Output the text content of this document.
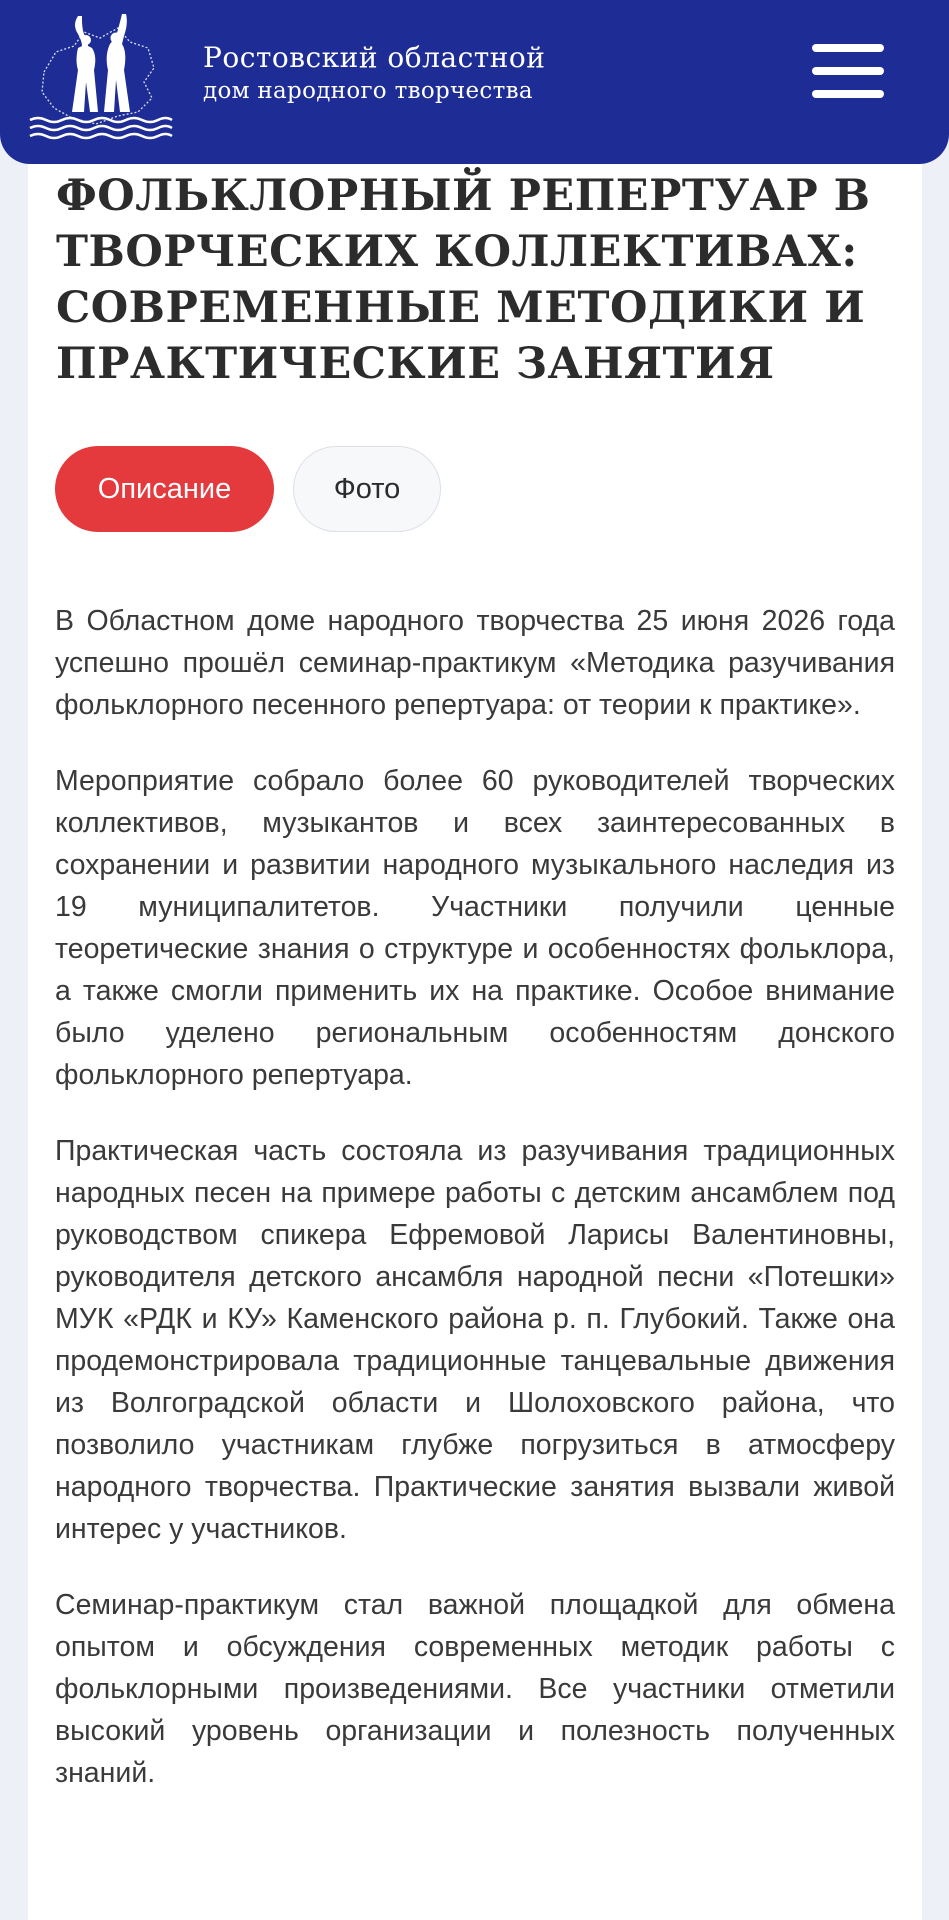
Ростовский областной
дом народного творчества
ФОЛЬКЛОРНЫЙ РЕПЕРТУАР В ТВОРЧЕСКИХ КОЛЛЕКТИВАХ: СОВРЕМЕННЫЕ МЕТОДИКИ И ПРАКТИЧЕСКИЕ ЗАНЯТИЯ
Описание	Фото

В Областном доме народного творчества 25 июня 2026 года успешно прошёл семинар-практикум «Методика разучивания фольклорного песенного репертуара: от теории к практике».

Мероприятие собрало более 60 руководителей творческих коллективов, музыкантов и всех заинтересованных в сохранении и развитии народного музыкального наследия из 19 муниципалитетов. Участники получили ценные теоретические знания о структуре и особенностях фольклора, а также смогли применить их на практике. Особое внимание было уделено региональным особенностям донского фольклорного репертуара.

Практическая часть состояла из разучивания традиционных народных песен на примере работы с детским ансамблем под руководством спикера Ефремовой Ларисы Валентиновны, руководителя детского ансамбля народной песни «Потешки» МУК «РДК и КУ» Каменского района р. п. Глубокий. Также она продемонстрировала традиционные танцевальные движения из Волгоградской области и Шолоховского района, что позволило участникам глубже погрузиться в атмосферу народного творчества. Практические занятия вызвали живой интерес у участников.

Семинар-практикум стал важной площадкой для обмена опытом и обсуждения современных методик работы с фольклорными произведениями. Все участники отметили высокий уровень организации и полезность полученных знаний.
